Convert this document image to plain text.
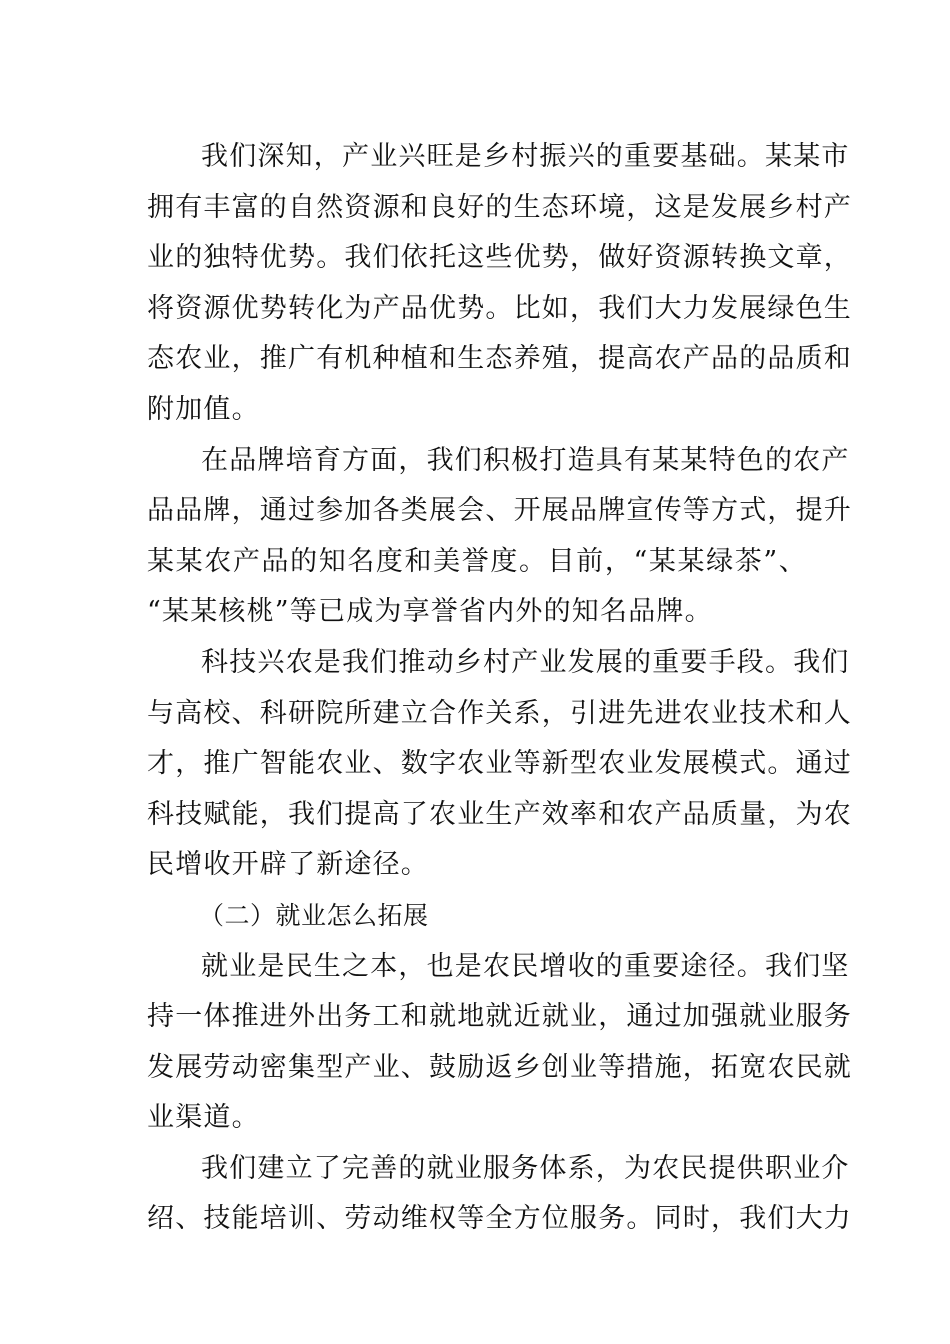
我们深知，产业兴旺是乡村振兴的重要基础。某某市
拥有丰富的自然资源和良好的生态环境，这是发展乡村产
业的独特优势。我们依托这些优势，做好资源转换文章，
将资源优势转化为产品优势。比如，我们大力发展绿色生
态农业，推广有机种植和生态养殖，提高农产品的品质和
附加值。
在品牌培育方面，我们积极打造具有某某特色的农产
品品牌，通过参加各类展会、开展品牌宣传等方式，提升
某某农产品的知名度和美誉度。目前，“某某绿茶”、
“某某核桃”等已成为享誉省内外的知名品牌。
科技兴农是我们推动乡村产业发展的重要手段。我们
与高校、科研院所建立合作关系，引进先进农业技术和人
才，推广智能农业、数字农业等新型农业发展模式。通过
科技赋能，我们提高了农业生产效率和农产品质量，为农
民增收开辟了新途径。
（二）就业怎么拓展
就业是民生之本，也是农民增收的重要途径。我们坚
持一体推进外出务工和就地就近就业，通过加强就业服务
发展劳动密集型产业、鼓励返乡创业等措施，拓宽农民就
业渠道。
我们建立了完善的就业服务体系，为农民提供职业介
绍、技能培训、劳动维权等全方位服务。同时，我们大力
